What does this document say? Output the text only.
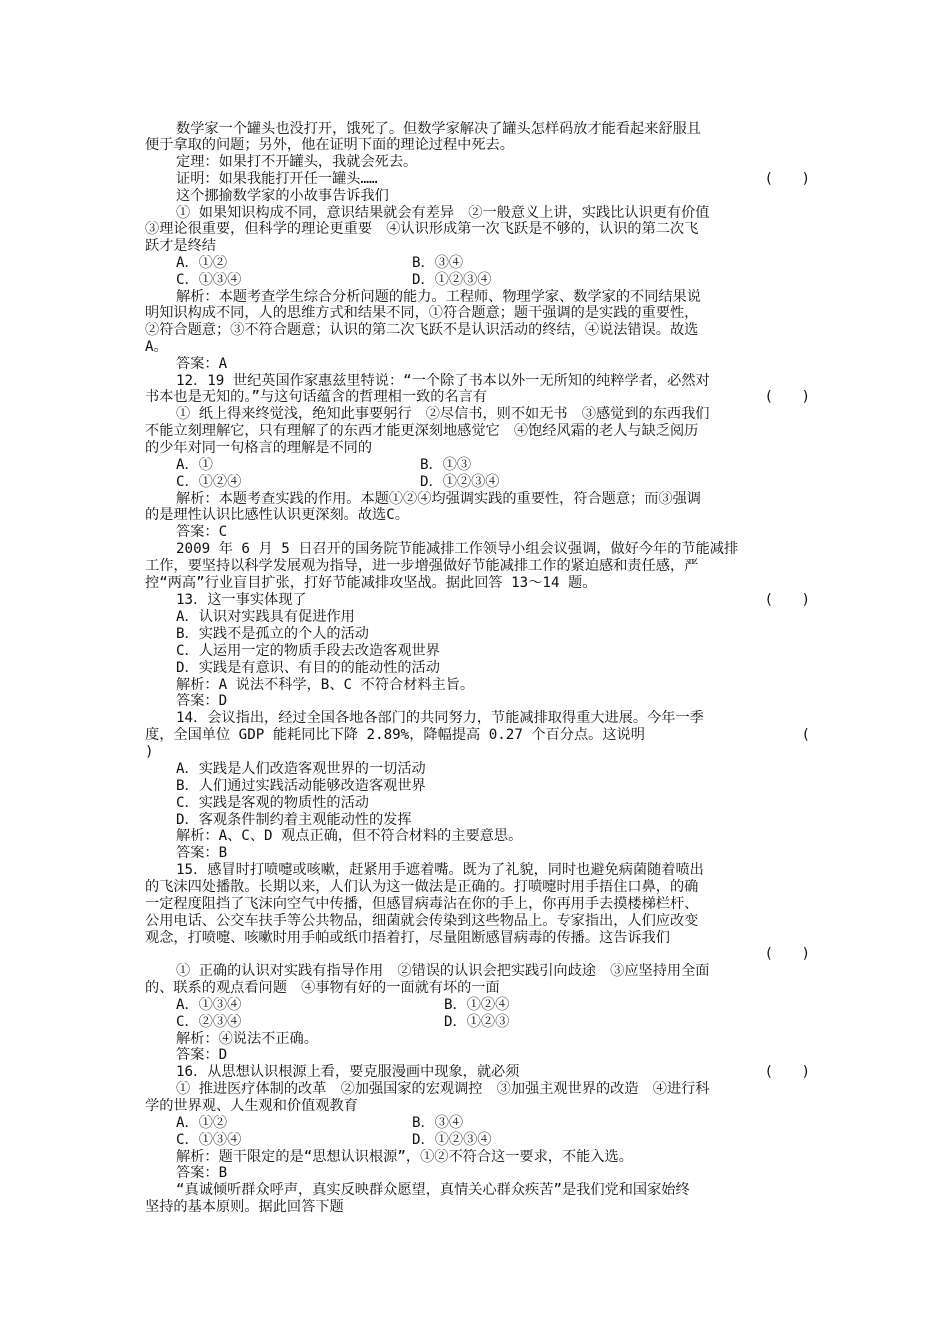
数学家一个罐头也没打开，饿死了。但数学家解决了罐头怎样码放才能看起来舒服且
便于拿取的问题；另外，他在证明下面的理论过程中死去。
定理：如果打不开罐头，我就会死去。
证明：如果我能打开任一罐头……	(　　)
这个挪揄数学家的小故事告诉我们
① 如果知识构成不同，意识结果就会有差异　②一般意义上讲，实践比认识更有价值
③理论很重要，但科学的理论更重要　④认识形成第一次飞跃是不够的，认识的第二次飞
跃才是终结
A．①②	B．③④
C．①③④	D．①②③④
解析：本题考查学生综合分析问题的能力。工程师、物理学家、数学家的不同结果说
明知识构成不同，人的思维方式和结果不同，①符合题意；题干强调的是实践的重要性，
②符合题意；③不符合题意；认识的第二次飞跃不是认识活动的终结，④说法错误。故选
A。
答案：A
12．19 世纪英国作家惠兹里特说：“一个除了书本以外一无所知的纯粹学者，必然对
书本也是无知的。”与这句话蕴含的哲理相一致的名言有	(　　)
① 纸上得来终觉浅，绝知此事要躬行　②尽信书，则不如无书　③感觉到的东西我们
不能立刻理解它，只有理解了的东西才能更深刻地感觉它　④饱经风霜的老人与缺乏阅历
的少年对同一句格言的理解是不同的
A．①	B．①③
C．①②④	D．①②③④
解析：本题考查实践的作用。本题①②④均强调实践的重要性，符合题意；而③强调
的是理性认识比感性认识更深刻。故选C。
答案：C
2009 年 6 月 5 日召开的国务院节能减排工作领导小组会议强调，做好今年的节能减排
工作，要坚持以科学发展观为指导，进一步增强做好节能减排工作的紧迫感和责任感，严
控“两高”行业盲目扩张，打好节能减排攻坚战。据此回答 13～14 题。
13．这一事实体现了	(　　)
A．认识对实践具有促进作用
B．实践不是孤立的个人的活动
C．人运用一定的物质手段去改造客观世界
D．实践是有意识、有目的的能动性的活动
解析：A 说法不科学，B、C 不符合材料主旨。
答案：D
14．会议指出，经过全国各地各部门的共同努力，节能减排取得重大进展。今年一季
度，全国单位 GDP 能耗同比下降 2.89%，降幅提高 0.27 个百分点。这说明	(
)
A．实践是人们改造客观世界的一切活动
B．人们通过实践活动能够改造客观世界
C．实践是客观的物质性的活动
D．客观条件制约着主观能动性的发挥
解析：A、C、D 观点正确，但不符合材料的主要意思。
答案：B
15．感冒时打喷嚏或咳嗽，赶紧用手遮着嘴。既为了礼貌，同时也避免病菌随着喷出
的飞沫四处播散。长期以来，人们认为这一做法是正确的。打喷嚏时用手捂住口鼻，的确
一定程度阻挡了飞沫向空气中传播，但感冒病毒沾在你的手上，你再用手去摸楼梯栏杆、
公用电话、公交车扶手等公共物品，细菌就会传染到这些物品上。专家指出，人们应改变
观念，打喷嚏、咳嗽时用手帕或纸巾捂着打，尽量阻断感冒病毒的传播。这告诉我们
(　　)
① 正确的认识对实践有指导作用　②错误的认识会把实践引向歧途　③应坚持用全面
的、联系的观点看问题　④事物有好的一面就有坏的一面
A．①③④	B．①②④
C．②③④	D．①②③
解析：④说法不正确。
答案：D
16．从思想认识根源上看，要克服漫画中现象，就必须	(　　)
① 推进医疗体制的改革　②加强国家的宏观调控　③加强主观世界的改造　④进行科
学的世界观、人生观和价值观教育
A．①②	B．③④
C．①③④	D．①②③④
解析：题干限定的是“思想认识根源”，①②不符合这一要求，不能入选。
答案：B
“真诚倾听群众呼声，真实反映群众愿望，真情关心群众疾苦”是我们党和国家始终
坚持的基本原则。据此回答下题
